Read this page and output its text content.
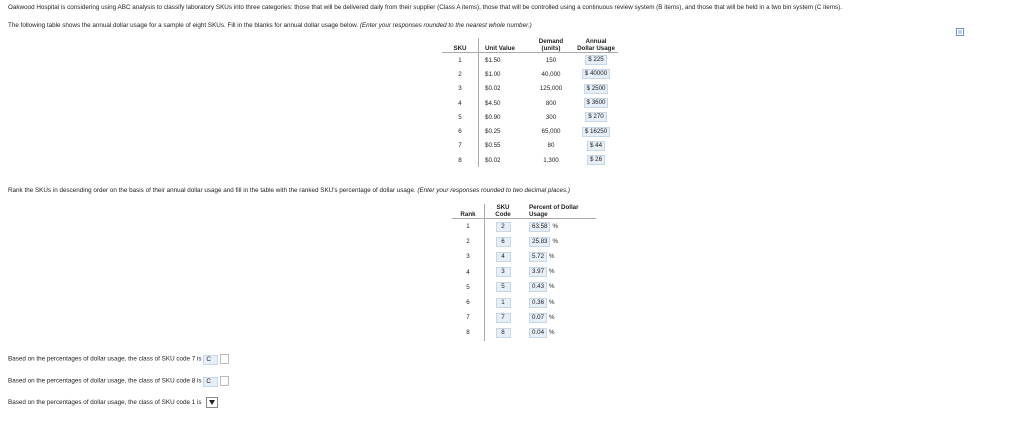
Oakwood Hospital is considering using ABC analysis to classify laboratory SKUs into three categories: those that will be delivered daily from their supplier (Class A items), those that will be controlled using a continuous review system (B items), and those that will be held in a two bin system (C items).
The following table shows the annual dollar usage for a sample of eight SKUs. Fill in the blanks for annual dollar usage below. (Enter your responses rounded to the nearest whole number.)
SKU	Unit Value	Demand (units)	Annual Dollar Usage
1	$1.50	150	$ 225
2	$1.00	40,000	$ 40000
3	$0.02	125,000	$ 2500
4	$4.50	800	$ 3600
5	$0.90	300	$ 270
6	$0.25	65,000	$ 16250
7	$0.55	80	$ 44
8	$0.02	1,300	$ 26
Rank the SKUs in descending order on the basis of their annual dollar usage and fill in the table with the ranked SKU's percentage of dollar usage. (Enter your responses rounded to two decimal places.)
Rank	SKU Code	Percent of Dollar Usage
1	2	63.58 %
2	6	25.83 %
3	4	5.72 %
4	3	3.97 %
5	5	0.43 %
6	1	0.36 %
7	7	0.07 %
8	8	0.04 %
Based on the percentages of dollar usage, the class of SKU code 7 is C
Based on the percentages of dollar usage, the class of SKU code 8 is C
Based on the percentages of dollar usage, the class of SKU code 1 is
